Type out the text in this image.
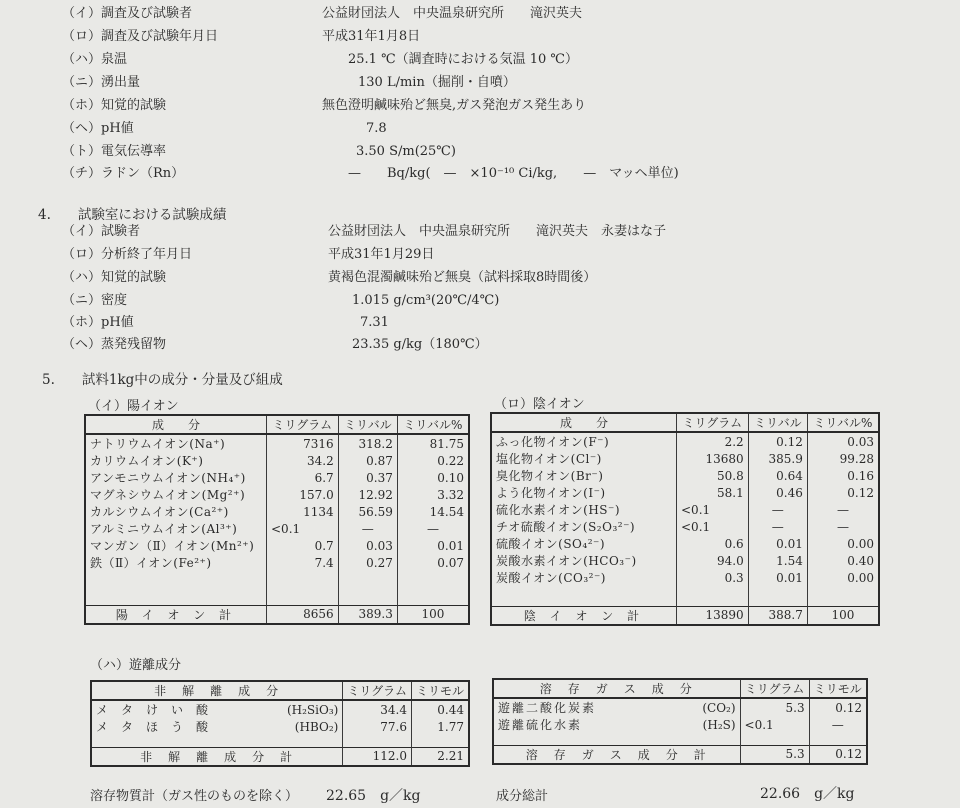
（イ）調査及び試験者	公益財団法人　中央温泉研究所　　滝沢英夫
（ロ）調査及び試験年月日	平成31年1月8日
（ハ）泉温	25.1 ℃（調査時における気温 10 ℃）
（ニ）湧出量	130 L/min（掘削・自噴）
（ホ）知覚的試験	無色澄明鹹味殆ど無臭,ガス発泡ガス発生あり
（ヘ）pH値	7.8
（ト）電気伝導率	3.50 S/m(25℃)
（チ）ラドン（Rn）	—　　Bq/kg(　—　×10⁻¹⁰ Ci/kg,　　—　マッヘ単位)
4.　　試験室における試験成績
（イ）試験者	公益財団法人　中央温泉研究所　　滝沢英夫　永妻はな子
（ロ）分析終了年月日	平成31年1月29日
（ハ）知覚的試験	黄褐色混濁鹹味殆ど無臭（試料採取8時間後）
（ニ）密度	1.015 g/cm³(20℃/4℃)
（ホ）pH値	7.31
（ヘ）蒸発残留物	23.35 g/kg（180℃）
5.　　試料1kg中の成分・分量及び組成
（イ）陽イオン	（ロ）陰イオン
成　　分	ミリグラム	ミリバル	ミリバル%
ナトリウムイオン(Na⁺)	7316	318.2	81.75
カリウムイオン(K⁺)	34.2	0.87	0.22
アンモニウムイオン(NH₄⁺)	6.7	0.37	0.10
マグネシウムイオン(Mg²⁺)	157.0	12.92	3.32
カルシウムイオン(Ca²⁺)	1134	56.59	14.54
アルミニウムイオン(Al³⁺)	<0.1	—	—
マンガン（Ⅱ）イオン(Mn²⁺)	0.7	0.03	0.01
鉄（Ⅱ）イオン(Fe²⁺)	7.4	0.27	0.07

陽 イ オ ン 計	8656	389.3	100
成　　分	ミリグラム	ミリバル	ミリバル%
ふっ化物イオン(F⁻)	2.2	0.12	0.03
塩化物イオン(Cl⁻)	13680	385.9	99.28
臭化物イオン(Br⁻)	50.8	0.64	0.16
よう化物イオン(I⁻)	58.1	0.46	0.12
硫化水素イオン(HS⁻)	<0.1	—	—
チオ硫酸イオン(S₂O₃²⁻)	<0.1	—	—
硫酸イオン(SO₄²⁻)	0.6	0.01	0.00
炭酸水素イオン(HCO₃⁻)	94.0	1.54	0.40
炭酸イオン(CO₃²⁻)	0.3	0.01	0.00

陰 イ オ ン 計	13890	388.7	100
（ハ）遊離成分
非　解　離　成　分		ミリグラム	ミリモル
メ　タ　け　い　酸	(H₂SiO₃)	34.4	0.44
メ　タ　ほ　う　酸	(HBO₂)	77.6	1.77

非　解　離　成　分　計		112.0	2.21
溶　存　ガ　ス　成　分		ミリグラム	ミリモル
遊離二酸化炭素	(CO₂)	5.3	0.12
遊離硫化水素	(H₂S)	<0.1	—

溶　存　ガ　ス　成　分　計		5.3	0.12
溶存物質計（ガス性のものを除く） 22.65　g／kg	成分総計	22.66　g／kg
